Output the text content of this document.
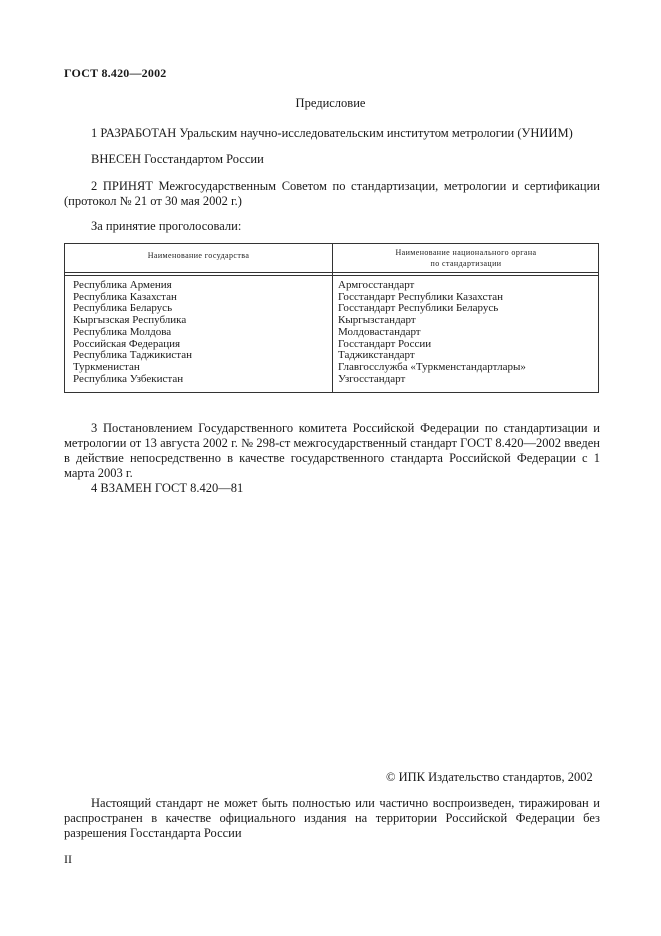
ГОСТ 8.420—2002
Предисловие
1 РАЗРАБОТАН Уральским научно-исследовательским институтом метрологии (УНИИМ)
ВНЕСЕН Госстандартом России
2 ПРИНЯТ Межгосударственным Советом по стандартизации, метрологии и сертификации (протокол № 21 от 30 мая 2002 г.)
За принятие проголосовали:
Наименование государства	Наименование национального органа
по стандартизации
Республика Армения
Республика Казахстан
Республика Беларусь
Кыргызская Республика
Республика Молдова
Российская Федерация
Республика Таджикистан
Туркменистан
Республика Узбекистан
Армгосстандарт
Госстандарт Республики Казахстан
Госстандарт Республики Беларусь
Кыргызстандарт
Молдовастандарт
Госстандарт России
Таджикстандарт
Главгосслужба «Туркменстандартлары»
Узгосстандарт
3 Постановлением Государственного комитета Российской Федерации по стандартизации и метрологии от 13 августа 2002 г. № 298-ст межгосударственный стандарт ГОСТ 8.420—2002 введен в действие непосредственно в качестве государственного стандарта Российской Федерации с 1 марта 2003 г.
4 ВЗАМЕН ГОСТ 8.420—81
© ИПК Издательство стандартов, 2002
Настоящий стандарт не может быть полностью или частично воспроизведен, тиражирован и распространен в качестве официального издания на территории Российской Федерации без разрешения Госстандарта России
II
